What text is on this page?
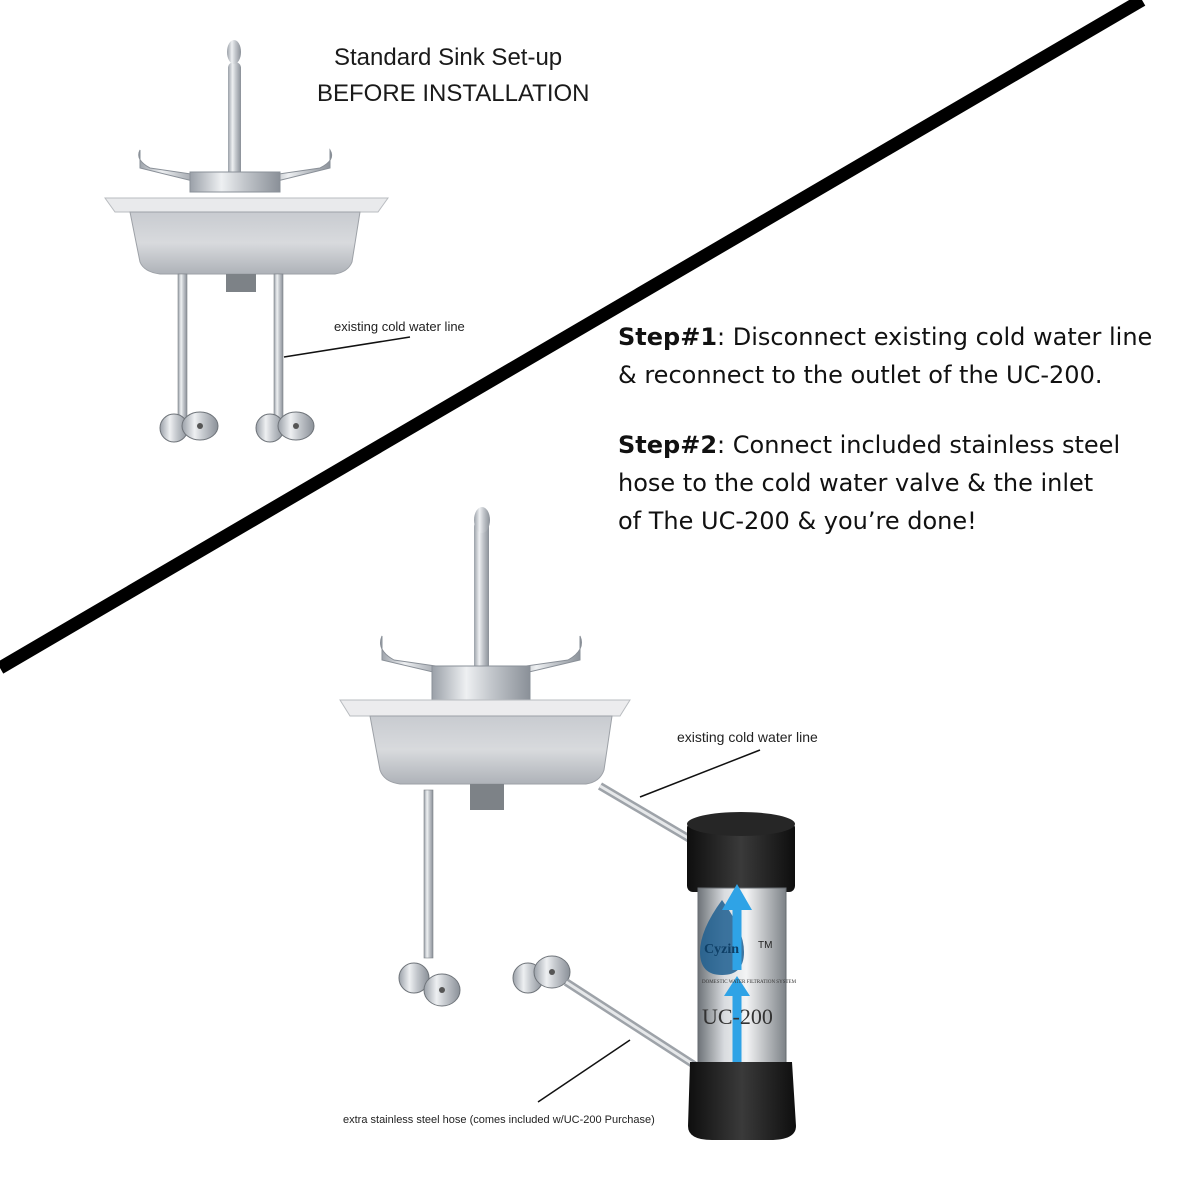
Cyzin TM
DOMESTIC WATER FILTRATION SYSTEM
UC-200
Standard Sink Set-up
BEFORE INSTALLATION
existing cold water line
existing cold water line
extra stainless steel hose (comes included w/UC-200 Purchase)
Step#1: Disconnect existing cold water line
& reconnect to the outlet of the UC-200.
Step#2: Connect included stainless steel
hose to the cold water valve & the inlet
of The UC-200 & you’re done!
